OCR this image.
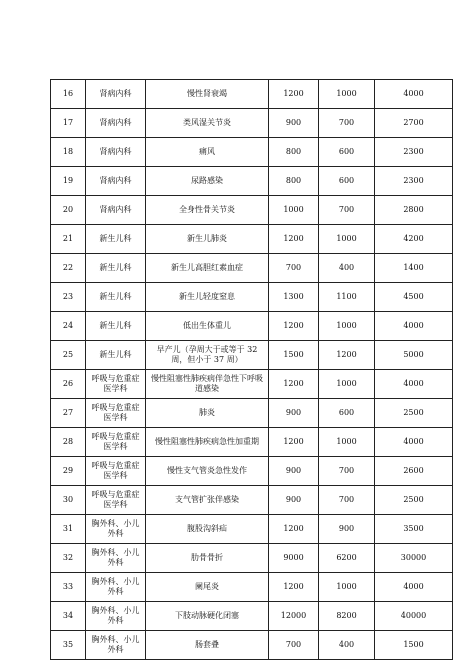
16	肾病内科	慢性肾衰竭	1200	1000	4000
17	肾病内科	类风湿关节炎	900	700	2700
18	肾病内科	痛风	800	600	2300
19	肾病内科	尿路感染	800	600	2300
20	肾病内科	全身性骨关节炎	1000	700	2800
21	新生儿科	新生儿肺炎	1200	1000	4200
22	新生儿科	新生儿高胆红素血症	700	400	1400
23	新生儿科	新生儿轻度窒息	1300	1100	4500
24	新生儿科	低出生体重儿	1200	1000	4000
25	新生儿科	早产儿（孕周大于或等于 32 周，但小于 37 周）	1500	1200	5000
26	呼吸与危重症医学科	慢性阻塞性肺疾病伴急性下呼吸道感染	1200	1000	4000
27	呼吸与危重症医学科	肺炎	900	600	2500
28	呼吸与危重症医学科	慢性阻塞性肺疾病急性加重期	1200	1000	4000
29	呼吸与危重症医学科	慢性支气管炎急性发作	900	700	2600
30	呼吸与危重症医学科	支气管扩张伴感染	900	700	2500
31	胸外科、小儿外科	腹股沟斜疝	1200	900	3500
32	胸外科、小儿外科	肋骨骨折	9000	6200	30000
33	胸外科、小儿外科	阑尾炎	1200	1000	4000
34	胸外科、小儿外科	下肢动脉硬化闭塞	12000	8200	40000
35	胸外科、小儿外科	肠套叠	700	400	1500
